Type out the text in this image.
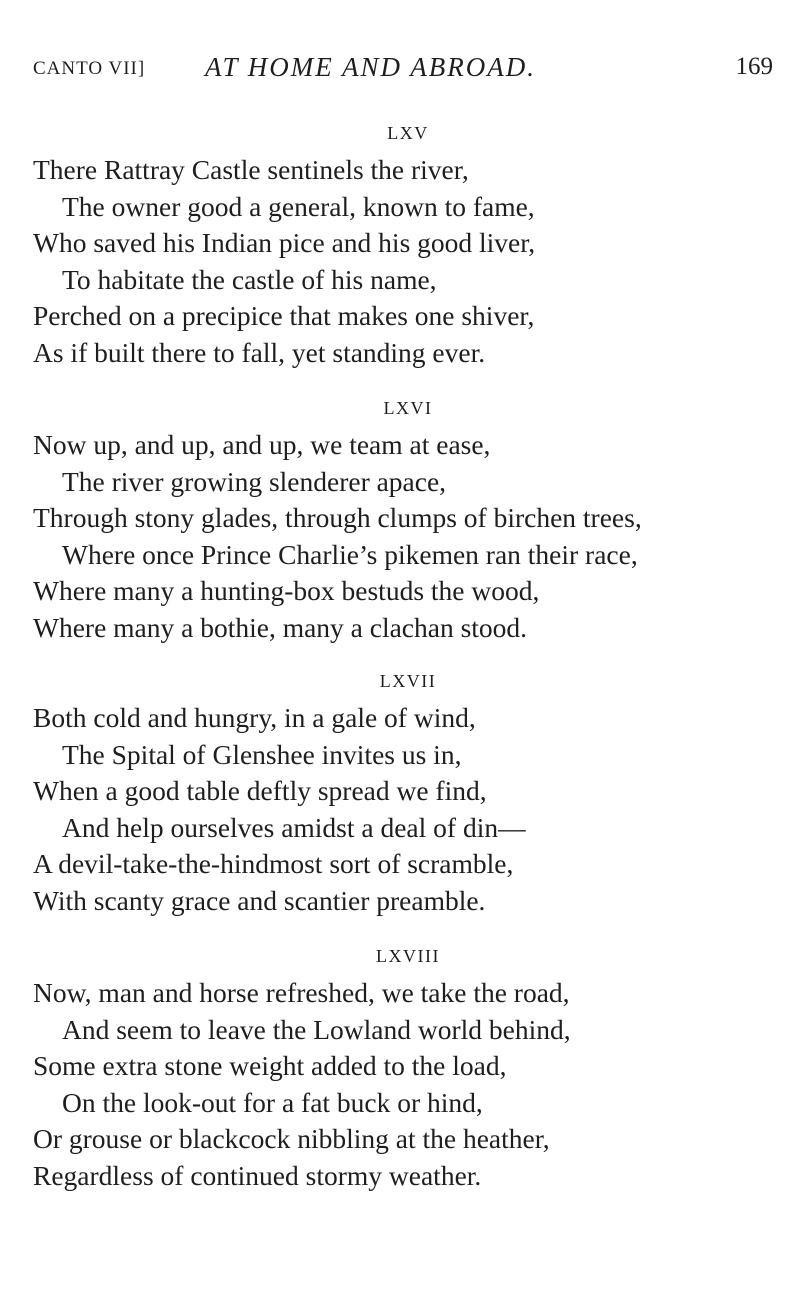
CANTO VII] AT HOME AND ABROAD.	169
LXV
There Rattray Castle sentinels the river,
The owner good a general, known to fame,
Who saved his Indian pice and his good liver,
To habitate the castle of his name,
Perched on a precipice that makes one shiver,
As if built there to fall, yet standing ever.
LXVI
Now up, and up, and up, we team at ease,
The river growing slenderer apace,
Through stony glades, through clumps of birchen trees,
Where once Prince Charlie’s pikemen ran their race,
Where many a hunting-box bestuds the wood,
Where many a bothie, many a clachan stood.
LXVII
Both cold and hungry, in a gale of wind,
The Spital of Glenshee invites us in,
When a good table deftly spread we find,
And help ourselves amidst a deal of din—
A devil-take-the-hindmost sort of scramble,
With scanty grace and scantier preamble.
LXVIII
Now, man and horse refreshed, we take the road,
And seem to leave the Lowland world behind,
Some extra stone weight added to the load,
On the look-out for a fat buck or hind,
Or grouse or blackcock nibbling at the heather,
Regardless of continued stormy weather.
